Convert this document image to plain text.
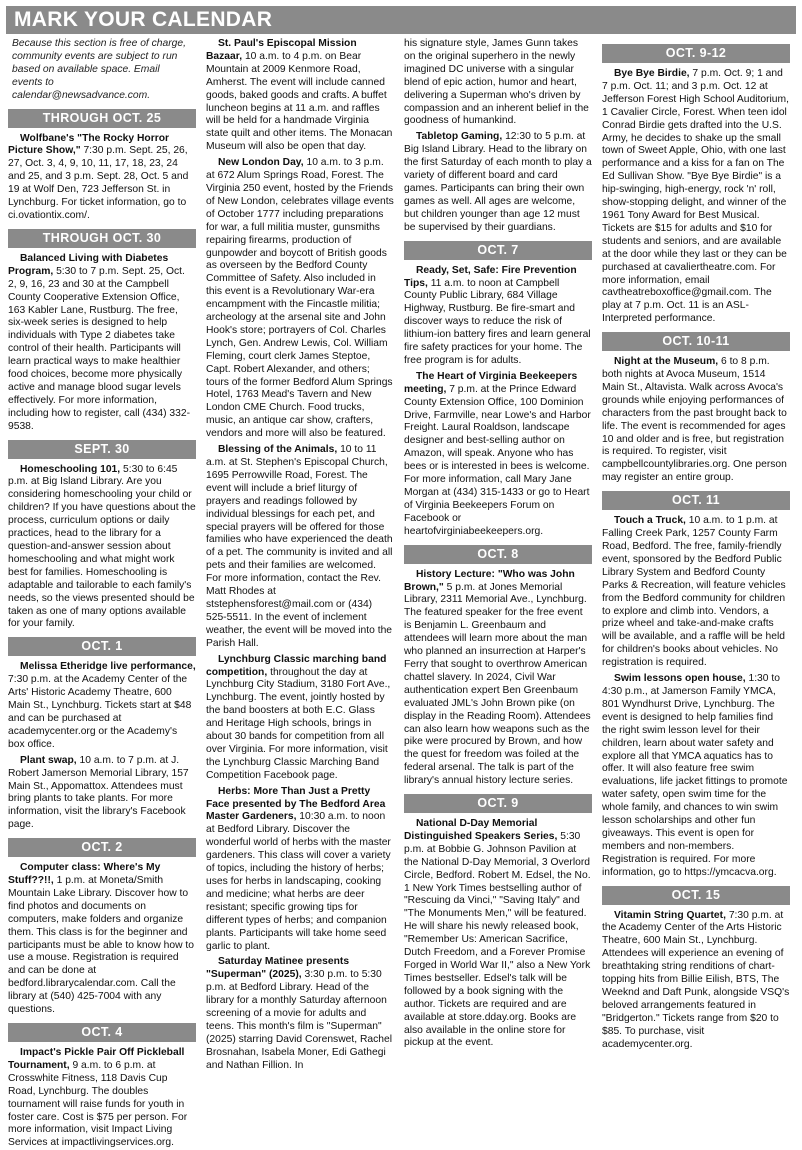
MARK YOUR CALENDAR

Because this section is free of charge, community events are subject to run based on available space. Email events to calendar@newsadvance.com.

THROUGH OCT. 25

Wolfbane's "The Rocky Horror Picture Show," 7:30 p.m. Sept. 25, 26, 27, Oct. 3, 4, 9, 10, 11, 17, 18, 23, 24 and 25, and 3 p.m. Sept. 28, Oct. 5 and 19 at Wolf Den, 723 Jefferson St. in Lynchburg. For ticket information, go to ci.ovationtix.com/.

THROUGH OCT. 30

Balanced Living with Diabetes Program, 5:30 to 7 p.m. Sept. 25, Oct. 2, 9, 16, 23 and 30 at the Campbell County Cooperative Extension Office, 163 Kabler Lane, Rustburg. The free, six-week series is designed to help individuals with Type 2 diabetes take control of their health. Participants will learn practical ways to make healthier food choices, become more physically active and manage blood sugar levels effectively. For more information, including how to register, call (434) 332-9538.

SEPT. 30

Homeschooling 101, 5:30 to 6:45 p.m. at Big Island Library. Are you considering homeschooling your child or children? If you have questions about the process, curriculum options or daily practices, head to the library for a question-and-answer session about homeschooling and what might work best for families. Homeschooling is adaptable and tailorable to each family's needs, so the views presented should be taken as one of many options available for your family.

OCT. 1

Melissa Etheridge live performance, 7:30 p.m. at the Academy Center of the Arts' Historic Academy Theatre, 600 Main St., Lynchburg. Tickets start at $48 and can be purchased at academycenter.org or the Academy's box office.

Plant swap, 10 a.m. to 7 p.m. at J. Robert Jamerson Memorial Library, 157 Main St., Appomattox. Attendees must bring plants to take plants. For more information, visit the library's Facebook page.

OCT. 2

Computer class: Where's My Stuff??!!, 1 p.m. at Moneta/Smith Mountain Lake Library. Discover how to find photos and documents on computers, make folders and organize them. This class is for the beginner and participants must be able to know how to use a mouse. Registration is required and can be done at bedford.librarycalendar.com. Call the library at (540) 425-7004 with any questions.

OCT. 4

Impact's Pickle Pair Off Pickleball Tournament, 9 a.m. to 6 p.m. at Crosswhite Fitness, 118 Davis Cup Road, Lynchburg. The doubles tournament will raise funds for youth in foster care. Cost is $75 per person. For more information, visit Impact Living Services at impactlivingservices.org.

St. Paul's Episcopal Mission Bazaar, 10 a.m. to 4 p.m. on Bear Mountain at 2009 Kenmore Road, Amherst. The event will include canned goods, baked goods and crafts. A buffet luncheon begins at 11 a.m. and raffles will be held for a handmade Virginia state quilt and other items. The Monacan Museum will also be open that day.

New London Day, 10 a.m. to 3 p.m. at 672 Alum Springs Road, Forest. The Virginia 250 event, hosted by the Friends of New London, celebrates village events of October 1777 including preparations for war, a full militia muster, gunsmiths repairing firearms, production of gunpowder and boycott of British goods as overseen by the Bedford County Committee of Safety. Also included in this event is a Revolutionary War-era encampment with the Fincastle militia; archeology at the arsenal site and John Hook's store; portrayers of Col. Charles Lynch, Gen. Andrew Lewis, Col. William Fleming, court clerk James Steptoe, Capt. Robert Alexander, and others; tours of the former Bedford Alum Springs Hotel, 1763 Mead's Tavern and New London CME Church. Food trucks, music, an antique car show, crafters, vendors and more will also be featured.

Blessing of the Animals, 10 to 11 a.m. at St. Stephen's Episcopal Church, 1695 Perrowville Road, Forest. The event will include a brief liturgy of prayers and readings followed by individual blessings for each pet, and special prayers will be offered for those families who have experienced the death of a pet. The community is invited and all pets and their families are welcomed. For more information, contact the Rev. Matt Rhodes at ststephensforest@mail.com or (434) 525-5511. In the event of inclement weather, the event will be moved into the Parish Hall.

Lynchburg Classic marching band competition, throughout the day at Lynchburg City Stadium, 3180 Fort Ave., Lynchburg. The event, jointly hosted by the band boosters at both E.C. Glass and Heritage High schools, brings in about 30 bands for competition from all over Virginia. For more information, visit the Lynchburg Classic Marching Band Competition Facebook page.

Herbs: More Than Just a Pretty Face presented by The Bedford Area Master Gardeners, 10:30 a.m. to noon at Bedford Library. Discover the wonderful world of herbs with the master gardeners. This class will cover a variety of topics, including the history of herbs; uses for herbs in landscaping, cooking and medicine; what herbs are deer resistant; specific growing tips for different types of herbs; and companion plants. Participants will take home seed garlic to plant.

Saturday Matinee presents "Superman" (2025), 3:30 p.m. to 5:30 p.m. at Bedford Library. Head of the library for a monthly Saturday afternoon screening of a movie for adults and teens. This month's film is "Superman" (2025) starring David Corenswet, Rachel Brosnahan, Isabela Moner, Edi Gathegi and Nathan Fillion. In

his signature style, James Gunn takes on the original superhero in the newly imagined DC universe with a singular blend of epic action, humor and heart, delivering a Superman who's driven by compassion and an inherent belief in the goodness of humankind.

Tabletop Gaming, 12:30 to 5 p.m. at Big Island Library. Head to the library on the first Saturday of each month to play a variety of different board and card games. Participants can bring their own games as well. All ages are welcome, but children younger than age 12 must be supervised by their guardians.

OCT. 7

Ready, Set, Safe: Fire Prevention Tips, 11 a.m. to noon at Campbell County Public Library, 684 Village Highway, Rustburg. Be fire-smart and discover ways to reduce the risk of lithium-ion battery fires and learn general fire safety practices for your home. The free program is for adults.

The Heart of Virginia Beekeepers meeting, 7 p.m. at the Prince Edward County Extension Office, 100 Dominion Drive, Farmville, near Lowe's and Harbor Freight. Laural Roaldson, landscape designer and best-selling author on Amazon, will speak. Anyone who has bees or is interested in bees is welcome. For more information, call Mary Jane Morgan at (434) 315-1433 or go to Heart of Virginia Beekeepers Forum on Facebook or heartofvirginiabeekeepers.org.

OCT. 8

History Lecture: "Who was John Brown," 5 p.m. at Jones Memorial Library, 2311 Memorial Ave., Lynchburg. The featured speaker for the free event is Benjamin L. Greenbaum and attendees will learn more about the man who planned an insurrection at Harper's Ferry that sought to overthrow American chattel slavery. In 2024, Civil War authentication expert Ben Greenbaum evaluated JML's John Brown pike (on display in the Reading Room). Attendees can also learn how weapons such as the pike were procured by Brown, and how the quest for freedom was foiled at the federal arsenal. The talk is part of the library's annual history lecture series.

OCT. 9

National D-Day Memorial Distinguished Speakers Series, 5:30 p.m. at Bobbie G. Johnson Pavilion at the National D-Day Memorial, 3 Overlord Circle, Bedford. Robert M. Edsel, the No. 1 New York Times bestselling author of "Rescuing da Vinci," "Saving Italy" and "The Monuments Men," will be featured. He will share his newly released book, "Remember Us: American Sacrifice, Dutch Freedom, and a Forever Promise Forged in World War II," also a New York Times bestseller. Edsel's talk will be followed by a book signing with the author. Tickets are required and are available at store.dday.org. Books are also available in the online store for pickup at the event.

OCT. 9-12

Bye Bye Birdie, 7 p.m. Oct. 9; 1 and 7 p.m. Oct. 11; and 3 p.m. Oct. 12 at Jefferson Forest High School Auditorium, 1 Cavalier Circle, Forest. When teen idol Conrad Birdie gets drafted into the U.S. Army, he decides to shake up the small town of Sweet Apple, Ohio, with one last performance and a kiss for a fan on The Ed Sullivan Show. "Bye Bye Birdie" is a hip-swinging, high-energy, rock 'n' roll, show-stopping delight, and winner of the 1961 Tony Award for Best Musical. Tickets are $15 for adults and $10 for students and seniors, and are available at the door while they last or they can be purchased at cavaliertheatre.com. For more information, email cavtheatreboxoffice@gmail.com. The play at 7 p.m. Oct. 11 is an ASL-Interpreted performance.

OCT. 10-11

Night at the Museum, 6 to 8 p.m. both nights at Avoca Museum, 1514 Main St., Altavista. Walk across Avoca's grounds while enjoying performances of characters from the past brought back to life. The event is recommended for ages 10 and older and is free, but registration is required. To register, visit campbellcountylibraries.org. One person may register an entire group.

OCT. 11

Touch a Truck, 10 a.m. to 1 p.m. at Falling Creek Park, 1257 County Farm Road, Bedford. The free, family-friendly event, sponsored by the Bedford Public Library System and Bedford County Parks & Recreation, will feature vehicles from the Bedford community for children to explore and climb into. Vendors, a prize wheel and take-and-make crafts will be available, and a raffle will be held for children's books about vehicles. No registration is required.

Swim lessons open house, 1:30 to 4:30 p.m., at Jamerson Family YMCA, 801 Wyndhurst Drive, Lynchburg. The event is designed to help families find the right swim lesson level for their children, learn about water safety and explore all that YMCA aquatics has to offer. It will also feature free swim evaluations, life jacket fittings to promote water safety, open swim time for the whole family, and chances to win swim lesson scholarships and other fun giveaways. This event is open for members and non-members. Registration is required. For more information, go to https://ymcacva.org.

OCT. 15

Vitamin String Quartet, 7:30 p.m. at the Academy Center of the Arts Historic Theatre, 600 Main St., Lynchburg. Attendees will experience an evening of breathtaking string renditions of chart-topping hits from Billie Eilish, BTS, The Weeknd and Daft Punk, alongside VSQ's beloved arrangements featured in "Bridgerton." Tickets range from $20 to $85. To purchase, visit academycenter.org.
